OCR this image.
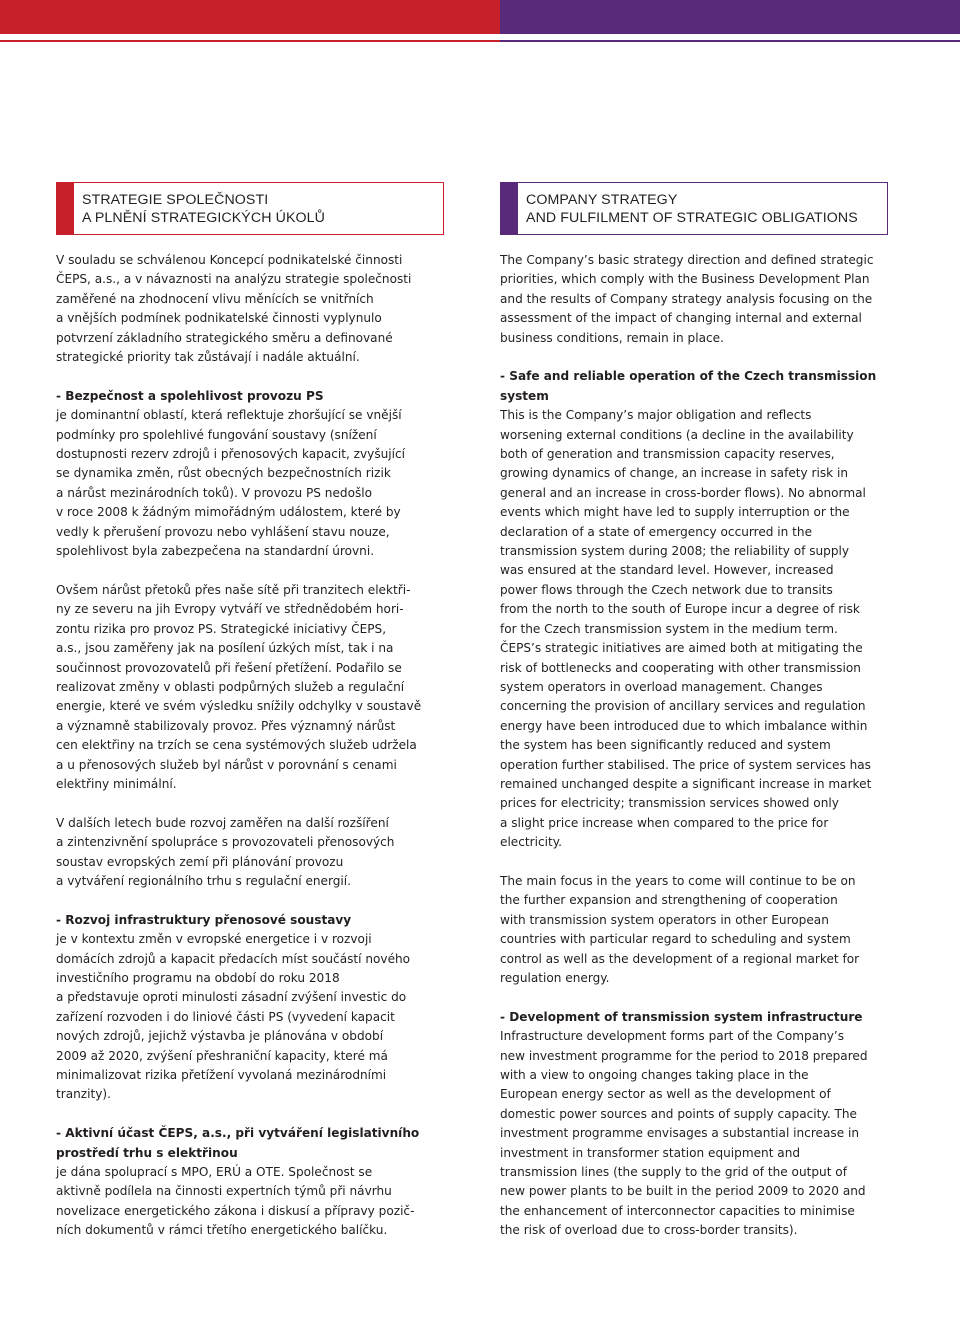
STRATEGIE SPOLEČNOSTI
A PLNĚNÍ STRATEGICKÝCH ÚKOLŮ
COMPANY STRATEGY
AND FULFILMENT OF STRATEGIC OBLIGATIONS
V souladu se schválenou Koncepcí podnikatelské činnosti
ČEPS, a.s., a v návaznosti na analýzu strategie společnosti
zaměřené na zhodnocení vlivu měnících se vnitřních
a vnějších podmínek podnikatelské činnosti vyplynulo
potvrzení základního strategického směru a definované
strategické priority tak zůstávají i nadále aktuální.
- Bezpečnost a spolehlivost provozu PS
je dominantní oblastí, která reflektuje zhoršující se vnější
podmínky pro spolehlivé fungování soustavy (snížení
dostupnosti rezerv zdrojů i přenosových kapacit, zvyšující
se dynamika změn, růst obecných bezpečnostních rizik
a nárůst mezinárodních toků). V provozu PS nedošlo
v roce 2008 k žádným mimořádným událostem, které by
vedly k přerušení provozu nebo vyhlášení stavu nouze,
spolehlivost byla zabezpečena na standardní úrovni.
Ovšem nárůst přetoků přes naše sítě při tranzitech elektři-
ny ze severu na jih Evropy vytváří ve střednědobém hori-
zontu rizika pro provoz PS. Strategické iniciativy ČEPS,
a.s., jsou zaměřeny jak na posílení úzkých míst, tak i na
součinnost provozovatelů při řešení přetížení. Podařilo se
realizovat změny v oblasti podpůrných služeb a regulační
energie, které ve svém výsledku snížily odchylky v soustavě
a významně stabilizovaly provoz. Přes významný nárůst
cen elektřiny na trzích se cena systémových služeb udržela
a u přenosových služeb byl nárůst v porovnání s cenami
elektřiny minimální.
V dalších letech bude rozvoj zaměřen na další rozšíření
a zintenzivnění spolupráce s provozovateli přenosových
soustav evropských zemí při plánování provozu
a vytváření regionálního trhu s regulační energií.
- Rozvoj infrastruktury přenosové soustavy
je v kontextu změn v evropské energetice i v rozvoji
domácích zdrojů a kapacit předacích míst součástí nového
investičního programu na období do roku 2018
a představuje oproti minulosti zásadní zvýšení investic do
zařízení rozvoden i do liniové části PS (vyvedení kapacit
nových zdrojů, jejichž výstavba je plánována v období
2009 až 2020, zvýšení přeshraniční kapacity, které má
minimalizovat rizika přetížení vyvolaná mezinárodními
tranzity).
- Aktivní účast ČEPS, a.s., při vytváření legislativního
prostředí trhu s elektřinou
je dána spoluprací s MPO, ERÚ a OTE. Společnost se
aktivně podílela na činnosti expertních týmů při návrhu
novelizace energetického zákona i diskusí a přípravy pozič-
ních dokumentů v rámci třetího energetického balíčku.
The Company’s basic strategy direction and defined strategic
priorities, which comply with the Business Development Plan
and the results of Company strategy analysis focusing on the
assessment of the impact of changing internal and external
business conditions, remain in place.
- Safe and reliable operation of the Czech transmission
system
This is the Company’s major obligation and reflects
worsening external conditions (a decline in the availability
both of generation and transmission capacity reserves,
growing dynamics of change, an increase in safety risk in
general and an increase in cross-border flows). No abnormal
events which might have led to supply interruption or the
declaration of a state of emergency occurred in the
transmission system during 2008; the reliability of supply
was ensured at the standard level. However, increased
power flows through the Czech network due to transits
from the north to the south of Europe incur a degree of risk
for the Czech transmission system in the medium term.
ČEPS’s strategic initiatives are aimed both at mitigating the
risk of bottlenecks and cooperating with other transmission
system operators in overload management. Changes
concerning the provision of ancillary services and regulation
energy have been introduced due to which imbalance within
the system has been significantly reduced and system
operation further stabilised. The price of system services has
remained unchanged despite a significant increase in market
prices for electricity; transmission services showed only
a slight price increase when compared to the price for
electricity.
The main focus in the years to come will continue to be on
the further expansion and strengthening of cooperation
with transmission system operators in other European
countries with particular regard to scheduling and system
control as well as the development of a regional market for
regulation energy.
- Development of transmission system infrastructure
Infrastructure development forms part of the Company’s
new investment programme for the period to 2018 prepared
with a view to ongoing changes taking place in the
European energy sector as well as the development of
domestic power sources and points of supply capacity. The
investment programme envisages a substantial increase in
investment in transformer station equipment and
transmission lines (the supply to the grid of the output of
new power plants to be built in the period 2009 to 2020 and
the enhancement of interconnector capacities to minimise
the risk of overload due to cross-border transits).
